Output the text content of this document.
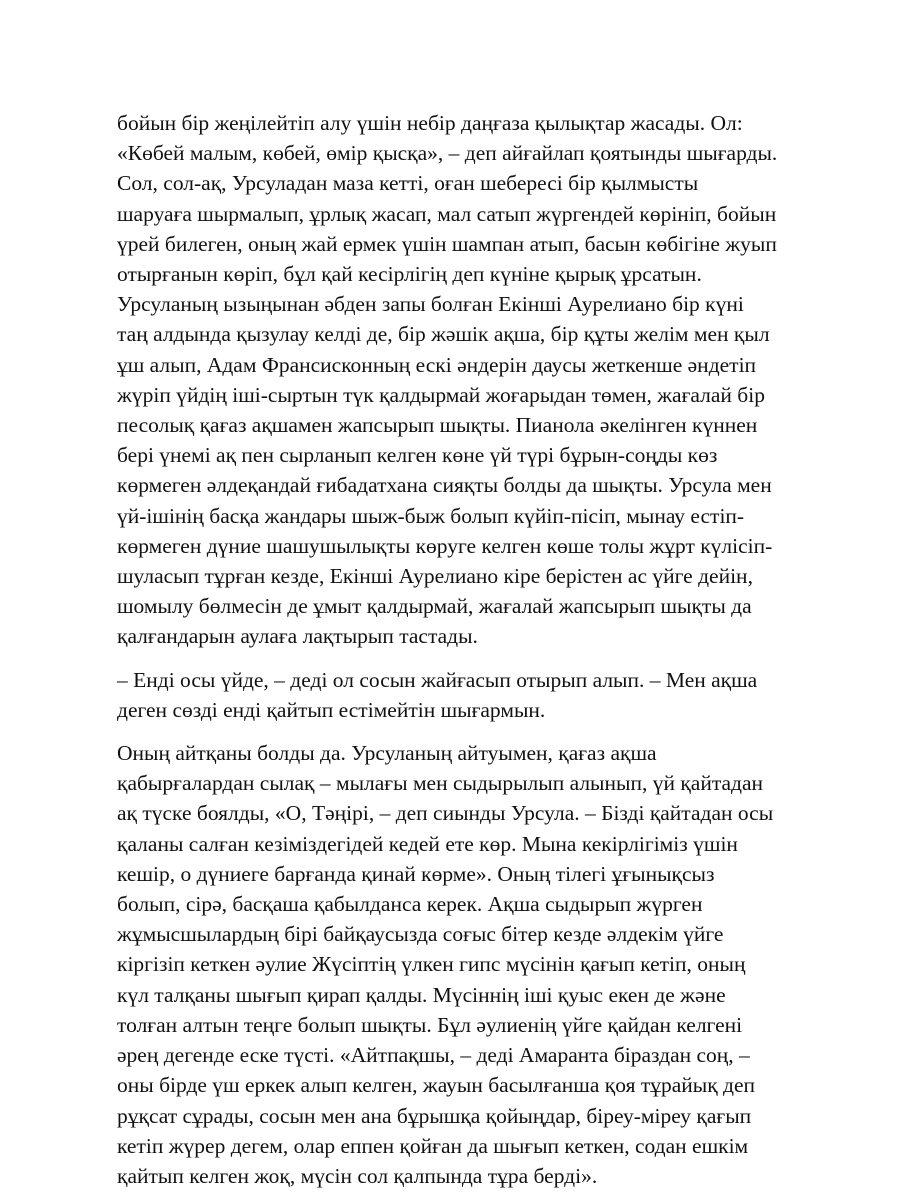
бойын бір жеңілейтіп алу үшін небір даңғаза қылықтар жасады. Ол:
«Көбей малым, көбей, өмір қысқа», – деп айғайлап қоятынды шығарды.
Сол, сол-ақ, Урсуладан маза кетті, оған шебересі бір қылмысты
шаруаға шырмалып, ұрлық жасап, мал сатып жүргендей көрініп, бойын
үрей билеген, оның жай ермек үшін шампан атып, басын көбігіне жуып
отырғанын көріп, бұл қай кесірлігің деп күніне қырық ұрсатын.
Урсуланың ызыңынан әбден запы болған Екінші Аурелиано бір күні
таң алдында қызулау келді де, бір жәшік ақша, бір құты желім мен қыл
ұш алып, Адам Франсисконның ескі әндерін даусы жеткенше әндетіп
жүріп үйдің іші-сыртын түк қалдырмай жоғарыдан төмен, жағалай бір
песолық қағаз ақшамен жапсырып шықты. Пианола әкелінген күннен
бері үнемі ақ пен сырланып келген көне үй түрі бұрын-соңды көз
көрмеген әлдеқандай ғибадатхана сияқты болды да шықты. Урсула мен
үй-ішінің басқа жандары шыж-быж болып күйіп-пісіп, мынау естіп-
көрмеген дүние шашушылықты көруге келген көше толы жұрт күлісіп-
шуласып тұрған кезде, Екінші Аурелиано кіре берістен ас үйге дейін,
шомылу бөлмесін де ұмыт қалдырмай, жағалай жапсырып шықты да
қалғандарын аулаға лақтырып тастады.

– Енді осы үйде, – деді ол сосын жайғасып отырып алып. – Мен ақша
деген сөзді енді қайтып естімейтін шығармын.

Оның айтқаны болды да. Урсуланың айтуымен, қағаз ақша
қабырғалардан сылақ – мылағы мен сыдырылып алынып, үй қайтадан
ақ түске боялды, «О, Тәңірі, – деп сиынды Урсула. – Бізді қайтадан осы
қаланы салған кезіміздегідей кедей ете көр. Мына кекірлігіміз үшін
кешір, о дүниеге барғанда қинай көрме». Оның тілегі ұғынықсыз
болып, сірә, басқаша қабылданса керек. Ақша сыдырып жүрген
жұмысшылардың бірі байқаусызда соғыс бітер кезде әлдекім үйге
кіргізіп кеткен әулие Жүсіптің үлкен гипс мүсінін қағып кетіп, оның
күл талқаны шығып қирап қалды. Мүсіннің іші қуыс екен де және
толған алтын теңге болып шықты. Бұл әулиенің үйге қайдан келгені
әрең дегенде еске түсті. «Айтпақшы, – деді Амаранта біраздан соң, –
оны бірде үш еркек алып келген, жауын басылғанша қоя тұрайық деп
рұқсат сұрады, сосын мен ана бұрышқа қойыңдар, біреу-міреу қағып
кетіп жүрер дегем, олар еппен қойған да шығып кеткен, содан ешкім
қайтып келген жоқ, мүсін сол қалпында тұра берді».
